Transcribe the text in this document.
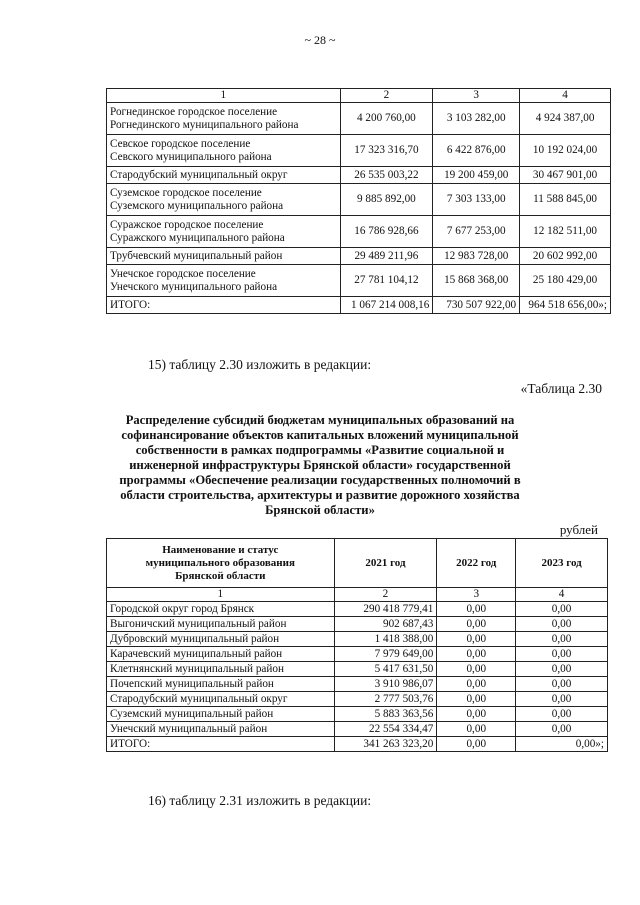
~ 28 ~
1	2	3	4
Рогнединское городское поселение
Рогнединского муниципального района	4 200 760,00	3 103 282,00	4 924 387,00
Севское городское поселение
Севского муниципального района	17 323 316,70	6 422 876,00	10 192 024,00
Стародубский муниципальный округ	26 535 003,22	19 200 459,00	30 467 901,00
Суземское городское поселение
Суземского муниципального района	9 885 892,00	7 303 133,00	11 588 845,00
Суражское городское поселение
Суражского муниципального района	16 786 928,66	7 677 253,00	12 182 511,00
Трубчевский муниципальный район	29 489 211,96	12 983 728,00	20 602 992,00
Унечское городское поселение
Унечского муниципального района	27 781 104,12	15 868 368,00	25 180 429,00
ИТОГО:	1 067 214 008,16	730 507 922,00	964 518 656,00»;
15) таблицу 2.30 изложить в редакции:
«Таблица 2.30
Распределение субсидий бюджетам муниципальных образований на
софинансирование объектов капитальных вложений муниципальной
собственности в рамках подпрограммы «Развитие социальной и
инженерной инфраструктуры Брянской области» государственной
программы «Обеспечение реализации государственных полномочий в
области строительства, архитектуры и развитие дорожного хозяйства
Брянской области»
рублей
Наименование и статус
муниципального образования
Брянской области	2021 год	2022 год	2023 год
1	2	3	4
Городской округ город Брянск	290 418 779,41	0,00	0,00
Выгоничский муниципальный район	902 687,43	0,00	0,00
Дубровский муниципальный район	1 418 388,00	0,00	0,00
Карачевский муниципальный район	7 979 649,00	0,00	0,00
Клетнянский муниципальный район	5 417 631,50	0,00	0,00
Почепский муниципальный район	3 910 986,07	0,00	0,00
Стародубский муниципальный округ	2 777 503,76	0,00	0,00
Суземский муниципальный район	5 883 363,56	0,00	0,00
Унечский муниципальный район	22 554 334,47	0,00	0,00
ИТОГО:	341 263 323,20	0,00	0,00»;
16) таблицу 2.31 изложить в редакции:
